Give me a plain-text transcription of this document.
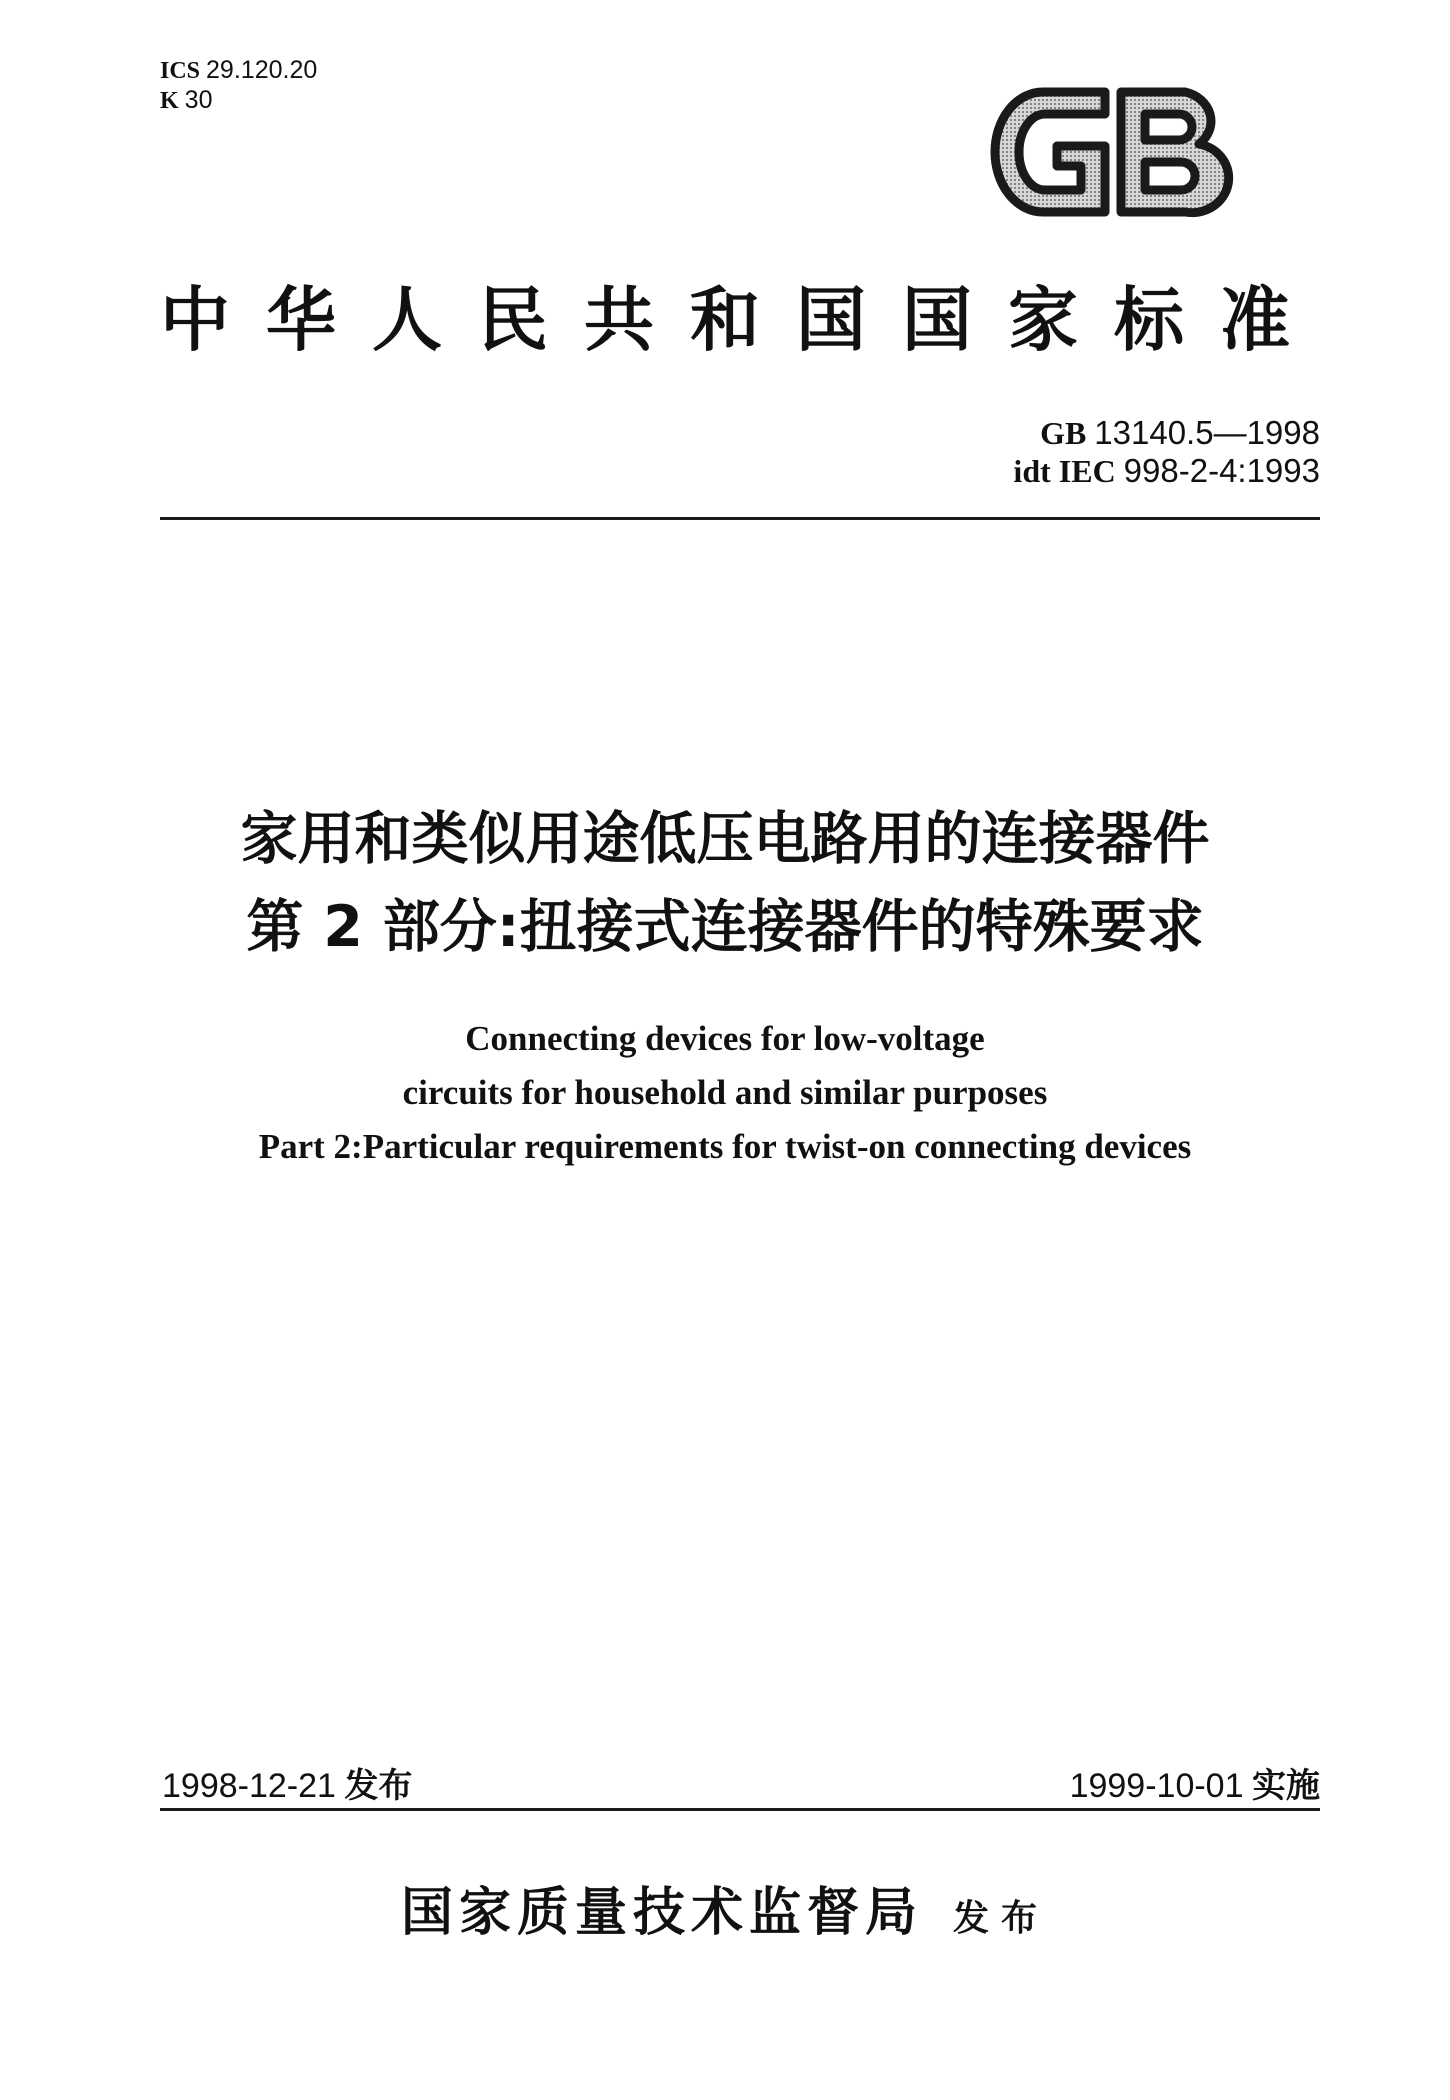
ICS 29.120.20
K 30
中华人民共和国国家标准
GB 13140.5—1998
idt IEC 998-2-4:1993
家用和类似用途低压电路用的连接器件
第 2 部分:扭接式连接器件的特殊要求
Connecting devices for low-voltage
circuits for household and similar purposes
Part 2:Particular requirements for twist-on connecting devices
1998-12-21 发布	1999-10-01 实施
国家质量技术监督局 发布
